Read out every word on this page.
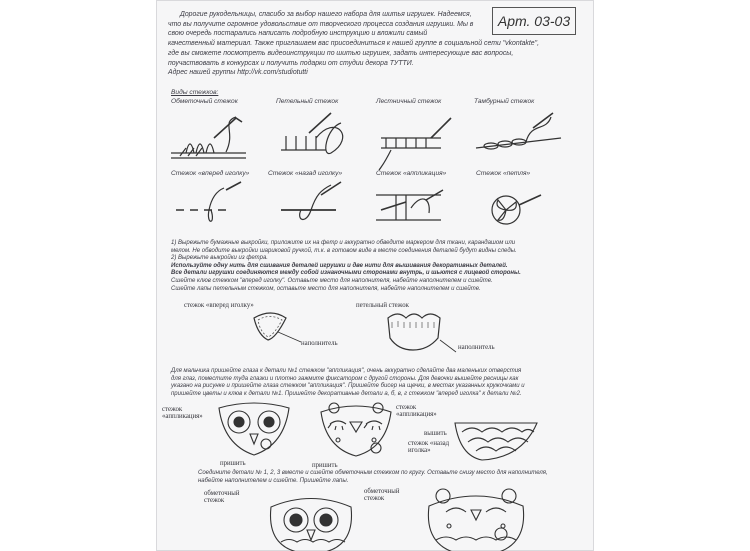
Дорогие рукодельницы, спасибо за выбор нашего набора для шитья игрушек. Надеемся,
что вы получите огромное удовольствие от творческого процесса создания игрушки. Мы в
свою очередь постарались написать подробную инструкцию и вложили самый
качественный материал. Также приглашаем вас присоединиться к нашей группе в социальной сети "vkontakte",
где вы сможете посмотреть видеоинструкции по шитью игрушек, задать интересующие вас вопросы,
поучаствовать в конкурсах и получить подарки от студии декора ТУТТИ.
Адрес нашей группы http://vk.com/studiotutti
Арт. 03-03
Виды стежков:
Обметочный стежок	Петельный стежок	Лестничный стежок	Тамбурный стежок
Стежок «вперед иголку»	Стежок «назад иголку»	Стежок «аппликация»	Стежок «петля»
1) Вырежьте бумажные выкройки, приложите их на фетр и аккуратно обведите маркером для ткани, карандашом или
мелом. Не обводите выкройки шариковой ручкой, т.к. в готовом виде в месте соединения деталей будут видны следы.
2) Вырежьте выкройки из фетра.
Используйте одну нить для сшивания деталей игрушки и две нити для вышивания декоративных деталей.
Все детали игрушки соединяются между собой изнаночными сторонами внутрь, и шьются с лицевой стороны.
Сшейте клюв стежком "вперед иголку". Оставьте место для наполнителя, набейте наполнителем и сшейте.
Сшейте лапы петельным стежком, оставьте место для наполнителя, набейте наполнителем и сшейте.
стежок «вперед иголку»
наполнитель
петельный стежок
наполнитель
Для мальчика пришейте глаза к детали №1 стежком "аппликация", очень аккуратно сделайте два маленьких отверстия
для глаз, поместите туда глазки и плотно зажмите фиксатором с другой стороны. Для девочки вышейте ресницы как
указано на рисунке и пришейте глаза стежком "аппликация". Пришейте бисер на щечки, в местах указанных кружочками и
пришейте цветы и клюв к детали №1. Пришейте декоративные детали а, б, в, г стежком "вперед иголка" к детали №2.
стежок «аппликация»
пришить	пришить
стежок «аппликация»
стежок «назад иголка»
вышить
Соедините детали № 1, 2, 3 вместе и сшейте обметочным стежком по кругу. Оставьте снизу место для наполнителя,
набейте наполнителем и сшейте. Пришейте лапы.
обметочный стежок
обметочный стежок
